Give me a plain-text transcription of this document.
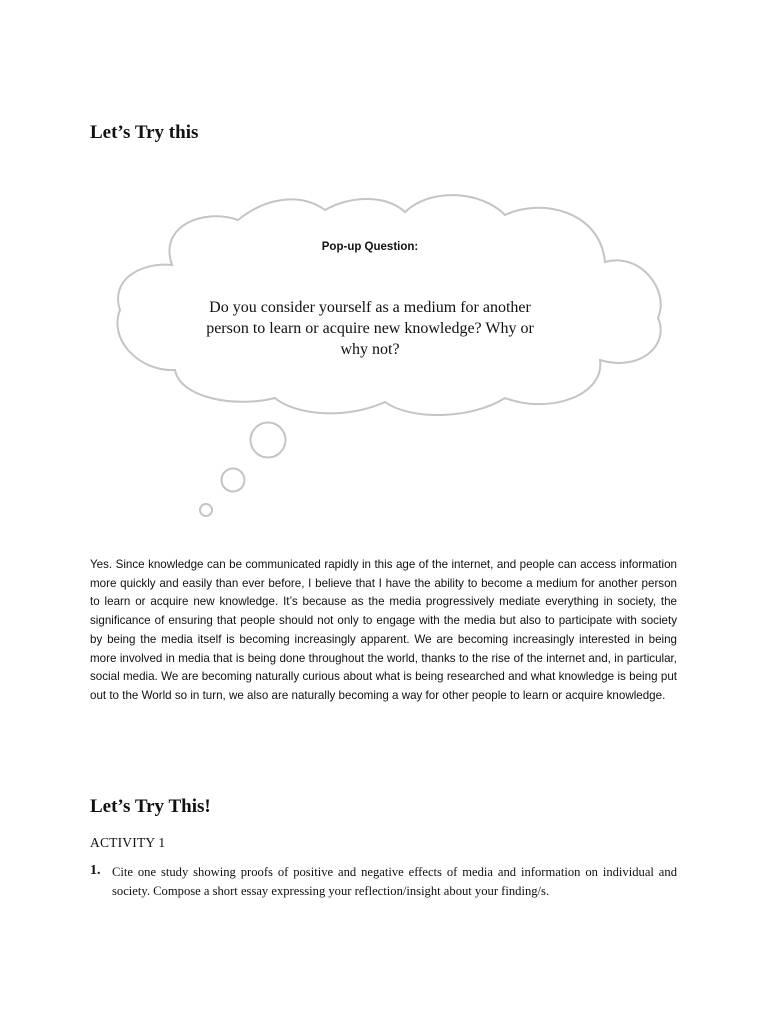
Let’s Try this
Pop-up Question:
Do you consider yourself as a medium for another person to learn or acquire new knowledge? Why or why not?

Yes. Since knowledge can be communicated rapidly in this age of the internet, and people can access information more quickly and easily than ever before, I believe that I have the ability to become a medium for another person to learn or acquire new knowledge. It’s because as the media progressively mediate everything in society, the significance of ensuring that people should not only to engage with the media but also to participate with society by being the media itself is becoming increasingly apparent. We are becoming increasingly interested in being more involved in media that is being done throughout the world, thanks to the rise of the internet and, in particular, social media. We are becoming naturally curious about what is being researched and what knowledge is being put out to the World so in turn, we also are naturally becoming a way for other people to learn or acquire knowledge.

Let’s Try This!
ACTIVITY 1
1. Cite one study showing proofs of positive and negative effects of media and information on individual and society. Compose a short essay expressing your reflection/insight about your finding/s.
